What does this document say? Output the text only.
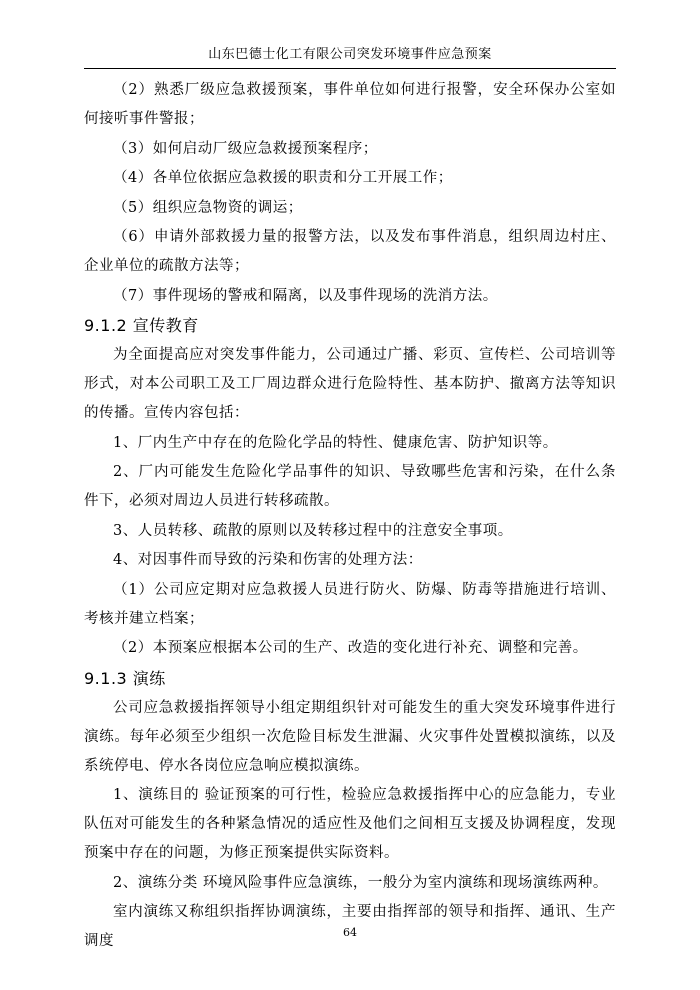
山东巴德士化工有限公司突发环境事件应急预案

（2）熟悉厂级应急救援预案，事件单位如何进行报警，安全环保办公室如何接听事件警报；

（3）如何启动厂级应急救援预案程序；

（4）各单位依据应急救援的职责和分工开展工作；

（5）组织应急物资的调运；

（6）申请外部救援力量的报警方法，以及发布事件消息，组织周边村庄、企业单位的疏散方法等；

（7）事件现场的警戒和隔离，以及事件现场的洗消方法。

9.1.2 宣传教育

为全面提高应对突发事件能力，公司通过广播、彩页、宣传栏、公司培训等形式，对本公司职工及工厂周边群众进行危险特性、基本防护、撤离方法等知识的传播。宣传内容包括：

1、厂内生产中存在的危险化学品的特性、健康危害、防护知识等。

2、厂内可能发生危险化学品事件的知识、导致哪些危害和污染，在什么条件下，必须对周边人员进行转移疏散。

3、人员转移、疏散的原则以及转移过程中的注意安全事项。

4、对因事件而导致的污染和伤害的处理方法：

（1）公司应定期对应急救援人员进行防火、防爆、防毒等措施进行培训、考核并建立档案；

（2）本预案应根据本公司的生产、改造的变化进行补充、调整和完善。

9.1.3 演练

公司应急救援指挥领导小组定期组织针对可能发生的重大突发环境事件进行 演练。每年必须至少组织一次危险目标发生泄漏、火灾事件处置模拟演练，以及系统停电、停水各岗位应急响应模拟演练。

1、演练目的 验证预案的可行性，检验应急救援指挥中心的应急能力，专业队伍对可能发生的各种紧急情况的适应性及他们之间相互支援及协调程度，发现预案中存在的问题，为修正预案提供实际资料。

2、演练分类 环境风险事件应急演练，一般分为室内演练和现场演练两种。

室内演练又称组织指挥协调演练，主要由指挥部的领导和指挥、通讯、生产调度

64
